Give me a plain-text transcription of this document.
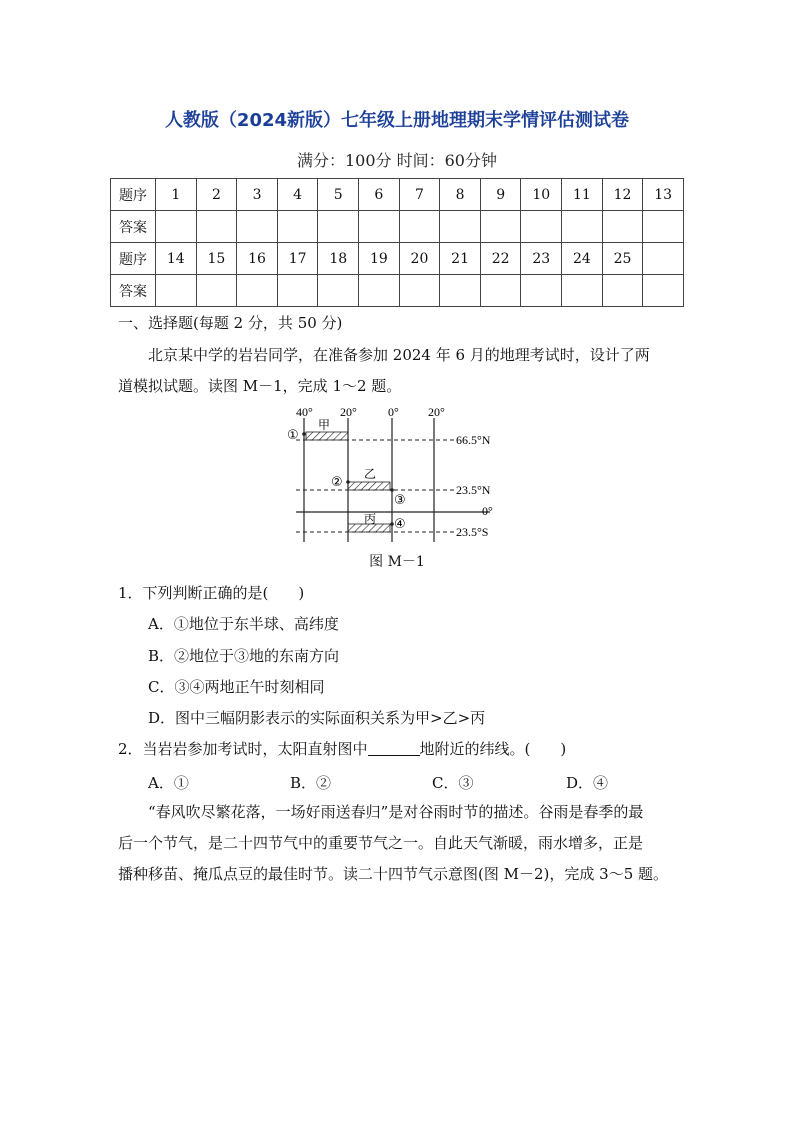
人教版（2024新版）七年级上册地理期末学情评估测试卷
满分：100分 时间：60分钟
题序	1	2	3	4	5	6	7	8	9	10	11	12	13
答案													
题序	14	15	16	17	18	19	20	21	22	23	24	25	
答案													
一、选择题(每题 2 分，共 50 分)
北京某中学的岩岩同学，在准备参加 2024 年 6 月的地理考试时，设计了两
道模拟试题。读图 M－1，完成 1～2 题。
40° 20°	0° 20°
66.5°N
23.5°N
0°
23.5°S
甲
乙
丙
①
②
③
④
图 M－1
1．下列判断正确的是(　　)
A．①地位于东半球、高纬度
B．②地位于③地的东南方向
C．③④两地正午时刻相同
D．图中三幅阴影表示的实际面积关系为甲>乙>丙
2．当岩岩参加考试时，太阳直射图中	地附近的纬线。(　　)
A．①	B．②	C．③	D．④
“春风吹尽繁花落，一场好雨送春归”是对谷雨时节的描述。谷雨是春季的最
后一个节气，是二十四节气中的重要节气之一。自此天气渐暖，雨水增多，正是
播种移苗、掩瓜点豆的最佳时节。读二十四节气示意图(图 M－2)，完成 3～5 题。
